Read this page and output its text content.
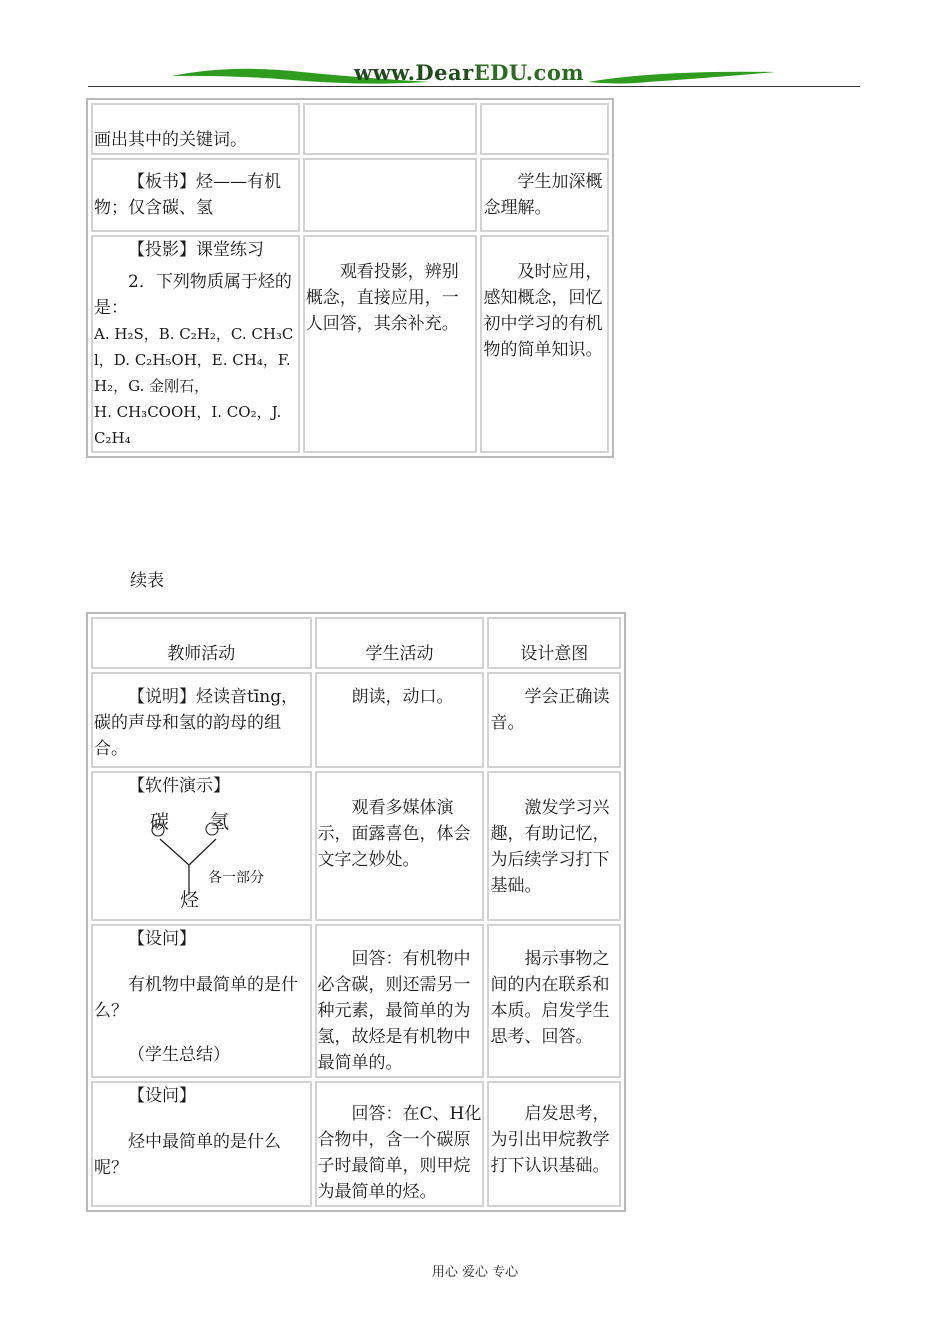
www.DearEDU.com
画出其中的关键词。		
【板书】烃——有机物；仅含碳、氢		学生加深概念理解。

【投影】课堂练习
2．下列物质属于烃的是：
A. H₂S，B. C₂H₂，C. CH₃Cl，D. C₂H₅OH，E. CH₄，F. H₂，G. 金刚石，
H. CH₃COOH，I. CO₂，J. C₂H₄	观看投影，辨别概念，直接应用，一人回答，其余补充。	及时应用，感知概念，回忆初中学习的有机物的简单知识。
续表
教师活动	学生活动	设计意图
【说明】烃读音tīng，碳的声母和氢的韵母的组合。	朗读，动口。	学会正确读音。

【软件演示】
碳 氢
各一部分
烃	观看多媒体演示，面露喜色，体会文字之妙处。	激发学习兴趣，有助记忆，为后续学习打下基础。

【设问】
有机物中最简单的是什么？
（学生总结）	回答：有机物中必含碳，则还需另一种元素，最简单的为氢，故烃是有机物中最简单的。	揭示事物之间的内在联系和本质。启发学生思考、回答。

【设问】
烃中最简单的是什么呢？	回答：在C、H化合物中，含一个碳原子时最简单，则甲烷为最简单的烃。	启发思考，为引出甲烷教学打下认识基础。
用心 爱心 专心
